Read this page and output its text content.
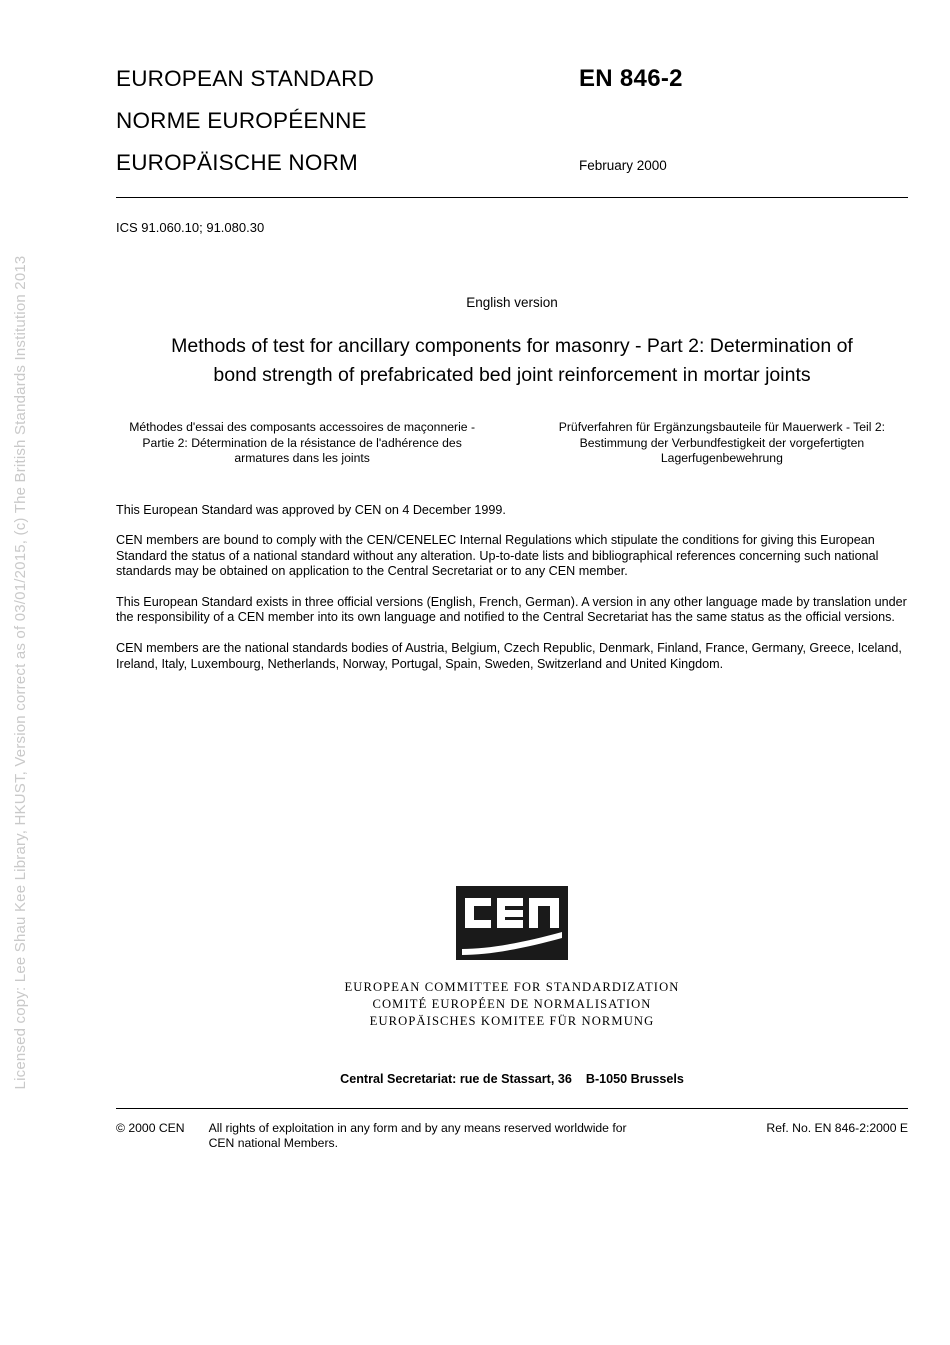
Licensed copy: Lee Shau Kee Library, HKUST, Version correct as of 03/01/2015, (c) The British Standards Institution 2013
EUROPEAN STANDARD
NORME EUROPÉENNE
EUROPÄISCHE NORM
EN 846-2
February 2000
ICS 91.060.10; 91.080.30
English version
Methods of test for ancillary components for masonry - Part 2: Determination of bond strength of prefabricated bed joint reinforcement in mortar joints
Méthodes d'essai des composants accessoires de maçonnerie - Partie 2: Détermination de la résistance de l'adhérence des armatures dans les joints
Prüfverfahren für Ergänzungsbauteile für Mauerwerk - Teil 2: Bestimmung der Verbundfestigkeit der vorgefertigten Lagerfugenbewehrung

This European Standard was approved by CEN on 4 December 1999.

CEN members are bound to comply with the CEN/CENELEC Internal Regulations which stipulate the conditions for giving this European Standard the status of a national standard without any alteration. Up-to-date lists and bibliographical references concerning such national standards may be obtained on application to the Central Secretariat or to any CEN member.

This European Standard exists in three official versions (English, French, German). A version in any other language made by translation under the responsibility of a CEN member into its own language and notified to the Central Secretariat has the same status as the official versions.

CEN members are the national standards bodies of Austria, Belgium, Czech Republic, Denmark, Finland, France, Germany, Greece, Iceland, Ireland, Italy, Luxembourg, Netherlands, Norway, Portugal, Spain, Sweden, Switzerland and United Kingdom.

EUROPEAN COMMITTEE FOR STANDARDIZATION
COMITÉ EUROPÉEN DE NORMALISATION
EUROPÄISCHES KOMITEE FÜR NORMUNG
Central Secretariat: rue de Stassart, 36 B-1050 Brussels
© 2000 CEN	All rights of exploitation in any form and by any means reserved worldwide for CEN national Members.
Ref. No. EN 846-2:2000 E
